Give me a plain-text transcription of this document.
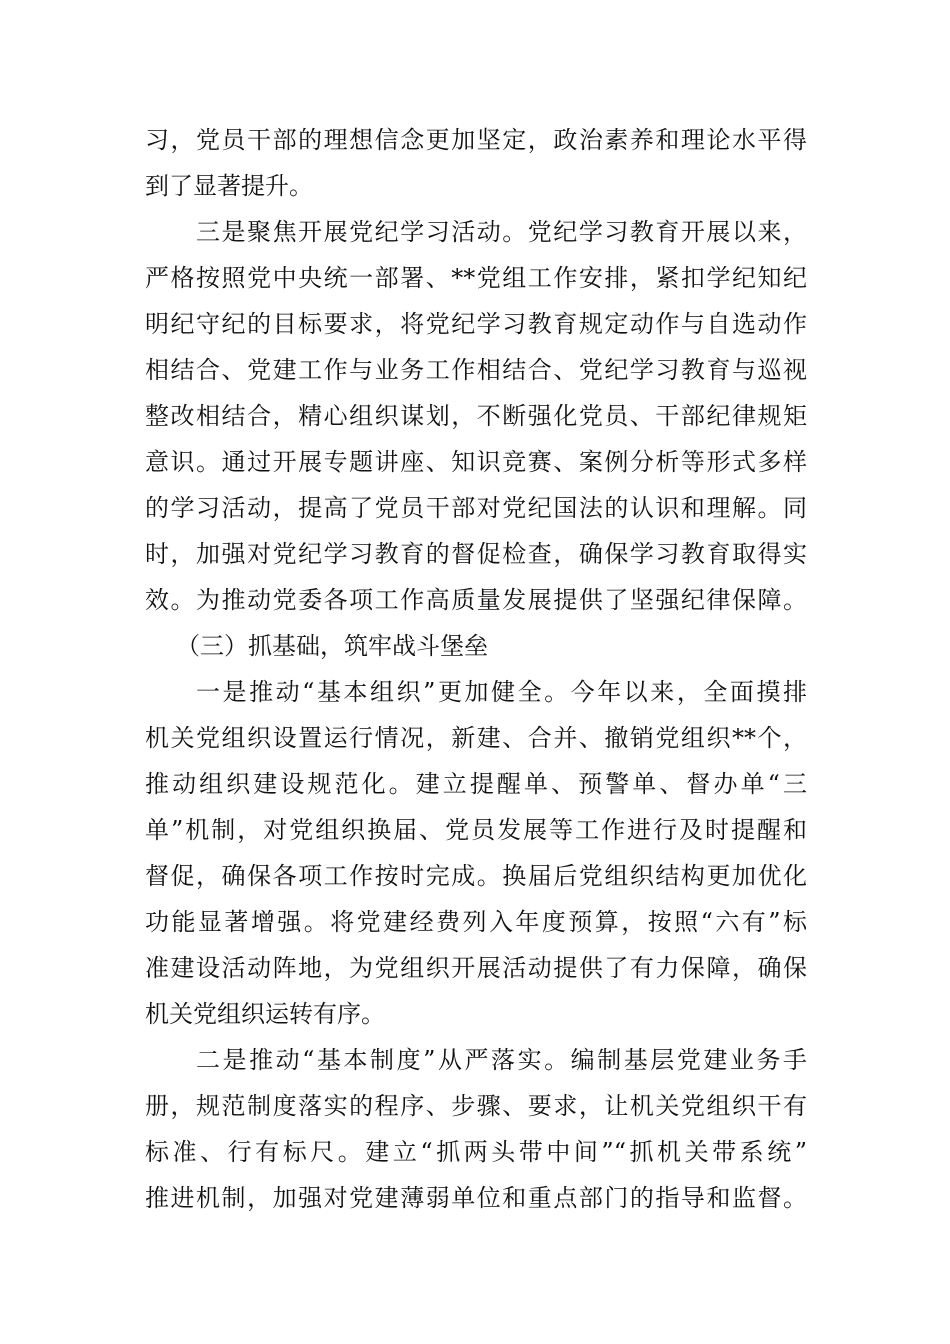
习，党员干部的理想信念更加坚定，政治素养和理论水平得
到了显著提升。
三是聚焦开展党纪学习活动。党纪学习教育开展以来，
严格按照党中央统一部署、**党组工作安排，紧扣学纪知纪
明纪守纪的目标要求，将党纪学习教育规定动作与自选动作
相结合、党建工作与业务工作相结合、党纪学习教育与巡视
整改相结合，精心组织谋划，不断强化党员、干部纪律规矩
意识。通过开展专题讲座、知识竞赛、案例分析等形式多样
的学习活动，提高了党员干部对党纪国法的认识和理解。同
时，加强对党纪学习教育的督促检查，确保学习教育取得实
效。为推动党委各项工作高质量发展提供了坚强纪律保障。
（三）抓基础，筑牢战斗堡垒
一是推动“基本组织”更加健全。今年以来，全面摸排
机关党组织设置运行情况，新建、合并、撤销党组织**个，
推动组织建设规范化。建立提醒单、预警单、督办单“三
单”机制，对党组织换届、党员发展等工作进行及时提醒和
督促，确保各项工作按时完成。换届后党组织结构更加优化
功能显著增强。将党建经费列入年度预算，按照“六有”标
准建设活动阵地，为党组织开展活动提供了有力保障，确保
机关党组织运转有序。
二是推动“基本制度”从严落实。编制基层党建业务手
册，规范制度落实的程序、步骤、要求，让机关党组织干有
标准、行有标尺。建立“抓两头带中间”“抓机关带系统”
推进机制，加强对党建薄弱单位和重点部门的指导和监督。
